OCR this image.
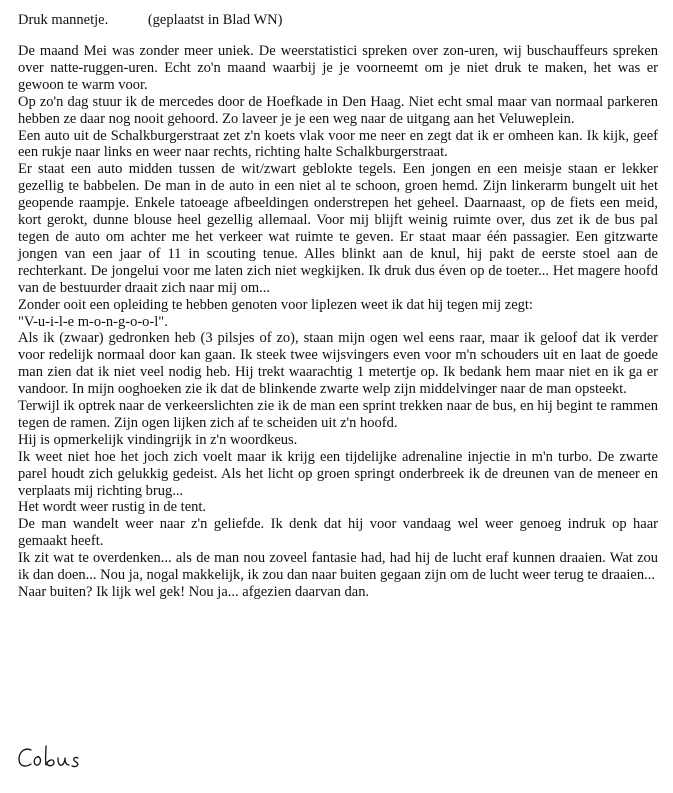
Druk mannetje.	(geplaatst in Blad WN)

De maand Mei was zonder meer uniek. De weerstatistici spreken over zon-uren, wij buschauffeurs spreken over natte-ruggen-uren. Echt zo'n maand waarbij je je voorneemt om je niet druk te maken, het was er gewoon te warm voor.

Op zo'n dag stuur ik de mercedes door de Hoefkade in Den Haag. Niet echt smal maar van normaal parkeren hebben ze daar nog nooit gehoord. Zo laveer je je een weg naar de uitgang aan het Veluweplein.

Een auto uit de Schalkburgerstraat zet z'n koets vlak voor me neer en zegt dat ik er omheen kan. Ik kijk, geef een rukje naar links en weer naar rechts, richting halte Schalkburgerstraat.

Er staat een auto midden tussen de wit/zwart geblokte tegels. Een jongen en een meisje staan er lekker gezellig te babbelen. De man in de auto in een niet al te schoon, groen hemd. Zijn linkerarm bungelt uit het geopende raampje. Enkele tatoeage afbeeldingen onderstrepen het geheel. Daarnaast, op de fiets een meid, kort gerokt, dunne blouse heel gezellig allemaal. Voor mij blijft weinig ruimte over, dus zet ik de bus pal tegen de auto om achter me het verkeer wat ruimte te geven. Er staat maar één passagier. Een gitzwarte jongen van een jaar of 11 in scouting tenue. Alles blinkt aan de knul, hij pakt de eerste stoel aan de rechterkant. De jongelui voor me laten zich niet wegkijken. Ik druk dus éven op de toeter... Het magere hoofd van de bestuurder draait zich naar mij om...

Zonder ooit een opleiding te hebben genoten voor liplezen weet ik dat hij tegen mij zegt:

"V-u-i-l-e m-o-n-g-o-o-l".

Als ik (zwaar) gedronken heb (3 pilsjes of zo), staan mijn ogen wel eens raar, maar ik geloof dat ik verder voor redelijk normaal door kan gaan. Ik steek twee wijsvingers even voor m'n schouders uit en laat de goede man zien dat ik niet veel nodig heb. Hij trekt waarachtig 1 metertje op. Ik bedank hem maar niet en ik ga er vandoor. In mijn ooghoeken zie ik dat de blinkende zwarte welp zijn middelvinger naar de man opsteekt.

Terwijl ik optrek naar de verkeerslichten zie ik de man een sprint trekken naar de bus, en hij begint te rammen tegen de ramen. Zijn ogen lijken zich af te scheiden uit z'n hoofd.

Hij is opmerkelijk vindingrijk in z'n woordkeus.

Ik weet niet hoe het joch zich voelt maar ik krijg een tijdelijke adrenaline injectie in m'n turbo. De zwarte parel houdt zich gelukkig gedeist. Als het licht op groen springt onderbreek ik de dreunen van de meneer en verplaats mij richting brug...

Het wordt weer rustig in de tent.

De man wandelt weer naar z'n geliefde. Ik denk dat hij voor vandaag wel weer genoeg indruk op haar gemaakt heeft.

Ik zit wat te overdenken... als de man nou zoveel fantasie had, had hij de lucht eraf kunnen draaien. Wat zou ik dan doen... Nou ja, nogal makkelijk, ik zou dan naar buiten gegaan zijn om de lucht weer terug te draaien...

Naar buiten? Ik lijk wel gek! Nou ja... afgezien daarvan dan.
